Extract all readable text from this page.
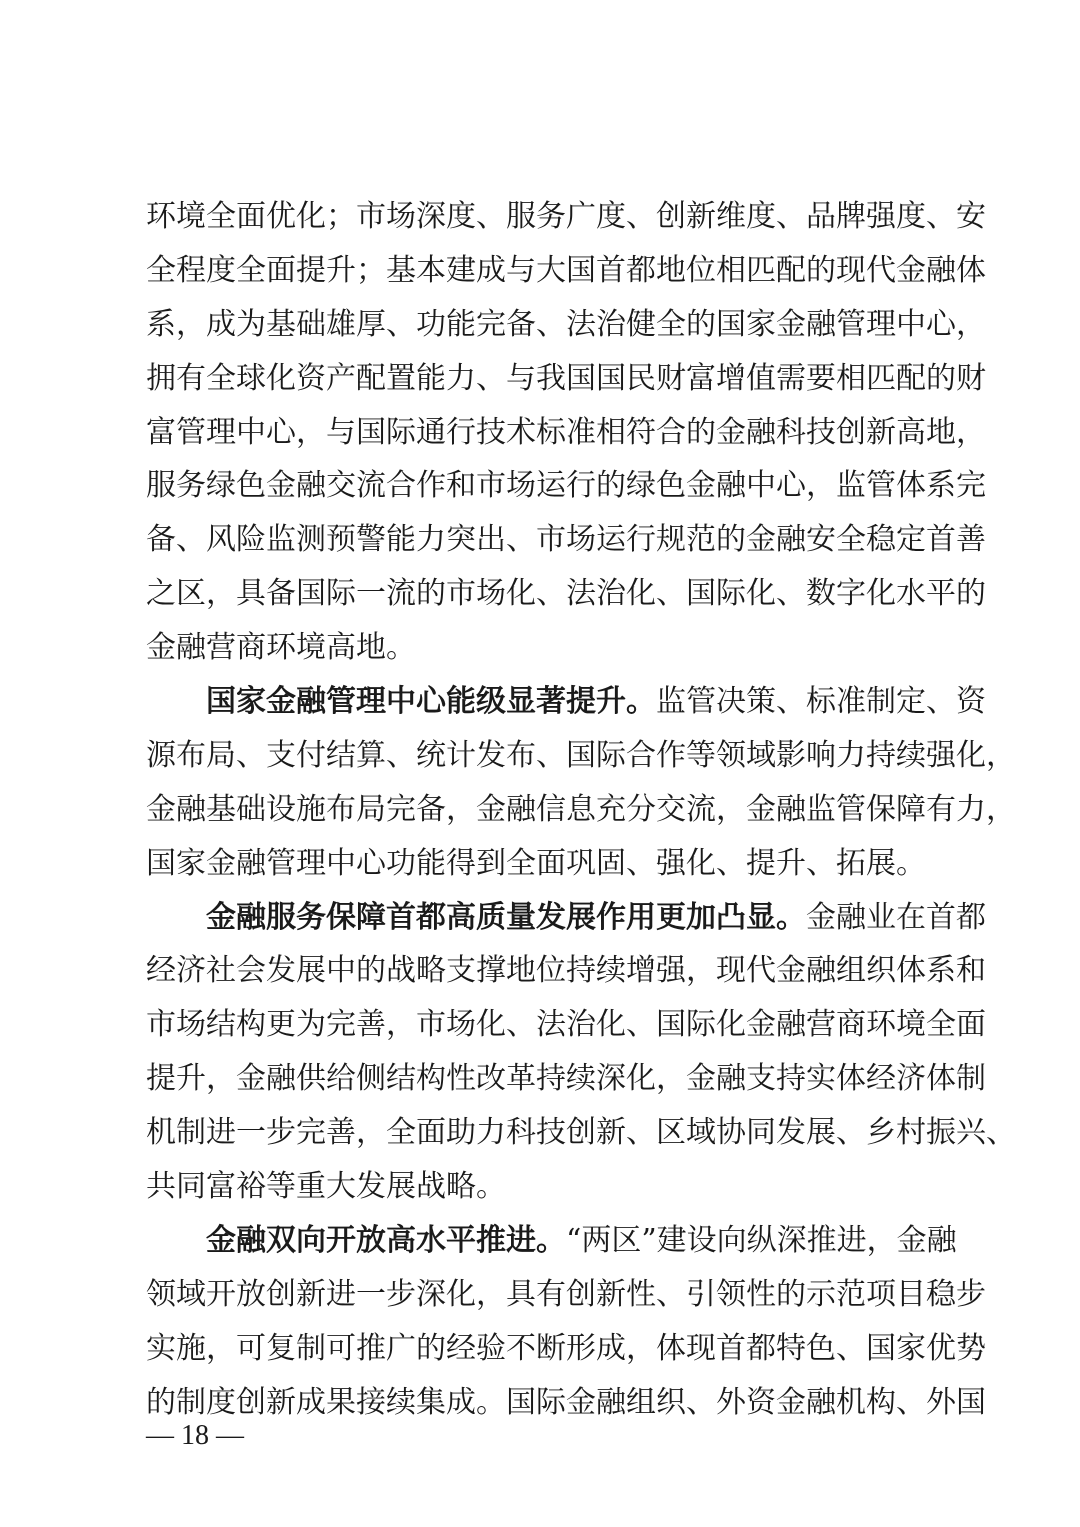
环境全面优化；市场深度、服务广度、创新维度、品牌强度、安
全程度全面提升；基本建成与大国首都地位相匹配的现代金融体
系，成为基础雄厚、功能完备、法治健全的国家金融管理中心，
拥有全球化资产配置能力、与我国国民财富增值需要相匹配的财
富管理中心，与国际通行技术标准相符合的金融科技创新高地，
服务绿色金融交流合作和市场运行的绿色金融中心，监管体系完
备、风险监测预警能力突出、市场运行规范的金融安全稳定首善
之区，具备国际一流的市场化、法治化、国际化、数字化水平的
金融营商环境高地。
国家金融管理中心能级显著提升。监管决策、标准制定、资
源布局、支付结算、统计发布、国际合作等领域影响力持续强化，
金融基础设施布局完备，金融信息充分交流，金融监管保障有力，
国家金融管理中心功能得到全面巩固、强化、提升、拓展。
金融服务保障首都高质量发展作用更加凸显。金融业在首都
经济社会发展中的战略支撑地位持续增强，现代金融组织体系和
市场结构更为完善，市场化、法治化、国际化金融营商环境全面
提升，金融供给侧结构性改革持续深化，金融支持实体经济体制
机制进一步完善，全面助力科技创新、区域协同发展、乡村振兴、
共同富裕等重大发展战略。
金融双向开放高水平推进。“两区”建设向纵深推进，金融
领域开放创新进一步深化，具有创新性、引领性的示范项目稳步
实施，可复制可推广的经验不断形成，体现首都特色、国家优势
的制度创新成果接续集成。国际金融组织、外资金融机构、外国
— 18 —
